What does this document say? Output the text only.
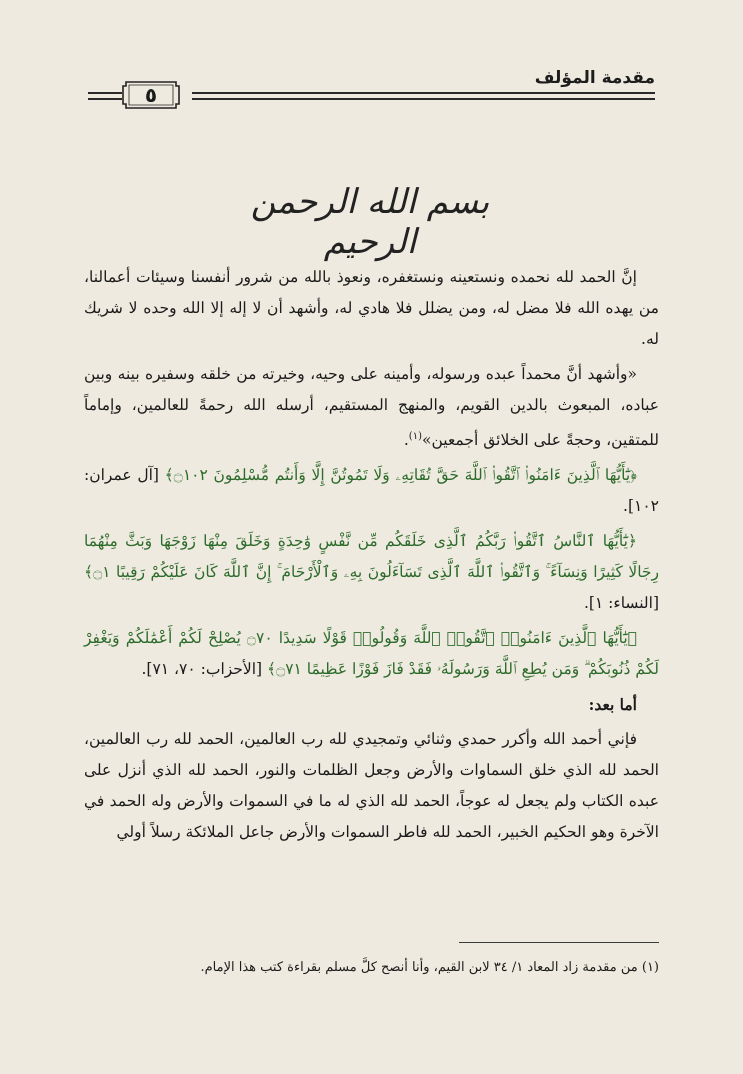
مقدمة المؤلف
٥
بسم الله الرحمن الرحيم

إنَّ الحمد لله نحمده ونستعينه ونستغفره، ونعوذ بالله من شرور أنفسنا وسيئات أعمالنا، من يهده الله فلا مضل له، ومن يضلل فلا هادي له، وأشهد أن لا إله إلا الله وحده لا شريك له.

«وأشهد أنَّ محمداً عبده ورسوله، وأمينه على وحيه، وخيرته من خلقه وسفيره بينه وبين عباده، المبعوث بالدين القويم، والمنهج المستقيم، أرسله الله رحمةً للعالمين، وإماماً للمتقين، وحجةً على الخلائق أجمعين»$^{(١)}$.

﴿يَٰٓأَيُّهَا ٱلَّذِينَ ءَامَنُوا۟ ٱتَّقُوا۟ ٱللَّهَ حَقَّ تُقَاتِهِۦ وَلَا تَمُوتُنَّ إِلَّا وَأَنتُم مُّسْلِمُونَ ۝١٠٢﴾ [آل عمران: ١٠٢].

﴿يَٰٓأَيُّهَا ٱلنَّاسُ ٱتَّقُوا۟ رَبَّكُمُ ٱلَّذِى خَلَقَكُم مِّن نَّفْسٍ وَٰحِدَةٍ وَخَلَقَ مِنْهَا زَوْجَهَا وَبَثَّ مِنْهُمَا رِجَالًا كَثِيرًا وَنِسَآءً ۚ وَٱتَّقُوا۟ ٱللَّهَ ٱلَّذِى تَسَآءَلُونَ بِهِۦ وَٱلْأَرْحَامَ ۚ إِنَّ ٱللَّهَ كَانَ عَلَيْكُمْ رَقِيبًا ۝١﴾ [النساء: ١].

﴿يَٰٓأَيُّهَا ٱلَّذِينَ ءَامَنُوا۟ ٱتَّقُوا۟ ٱللَّهَ وَقُولُوا۟ قَوْلًا سَدِيدًا ۝٧٠ يُصْلِحْ لَكُمْ أَعْمَٰلَكُمْ وَيَغْفِرْ لَكُمْ ذُنُوبَكُمْ ۗ وَمَن يُطِعِ ٱللَّهَ وَرَسُولَهُۥ فَقَدْ فَازَ فَوْزًا عَظِيمًا ۝٧١﴾ [الأحزاب: ٧٠، ٧١].

أما بعد:

فإني أحمد الله وأكرر حمدي وثنائي وتمجيدي لله رب العالمين، الحمد لله رب العالمين، الحمد لله الذي خلق السماوات والأرض وجعل الظلمات والنور، الحمد لله الذي أنزل على عبده الكتاب ولم يجعل له عوجاً، الحمد لله الذي له ما في السموات والأرض وله الحمد في الآخرة وهو الحكيم الخبير، الحمد لله فاطر السموات والأرض جاعل الملائكة رسلاً أولي

(١) من مقدمة زاد المعاد ١/ ٣٤ لابن القيم، وأنا أنصح كلَّ مسلم بقراءة كتب هذا الإمام.
